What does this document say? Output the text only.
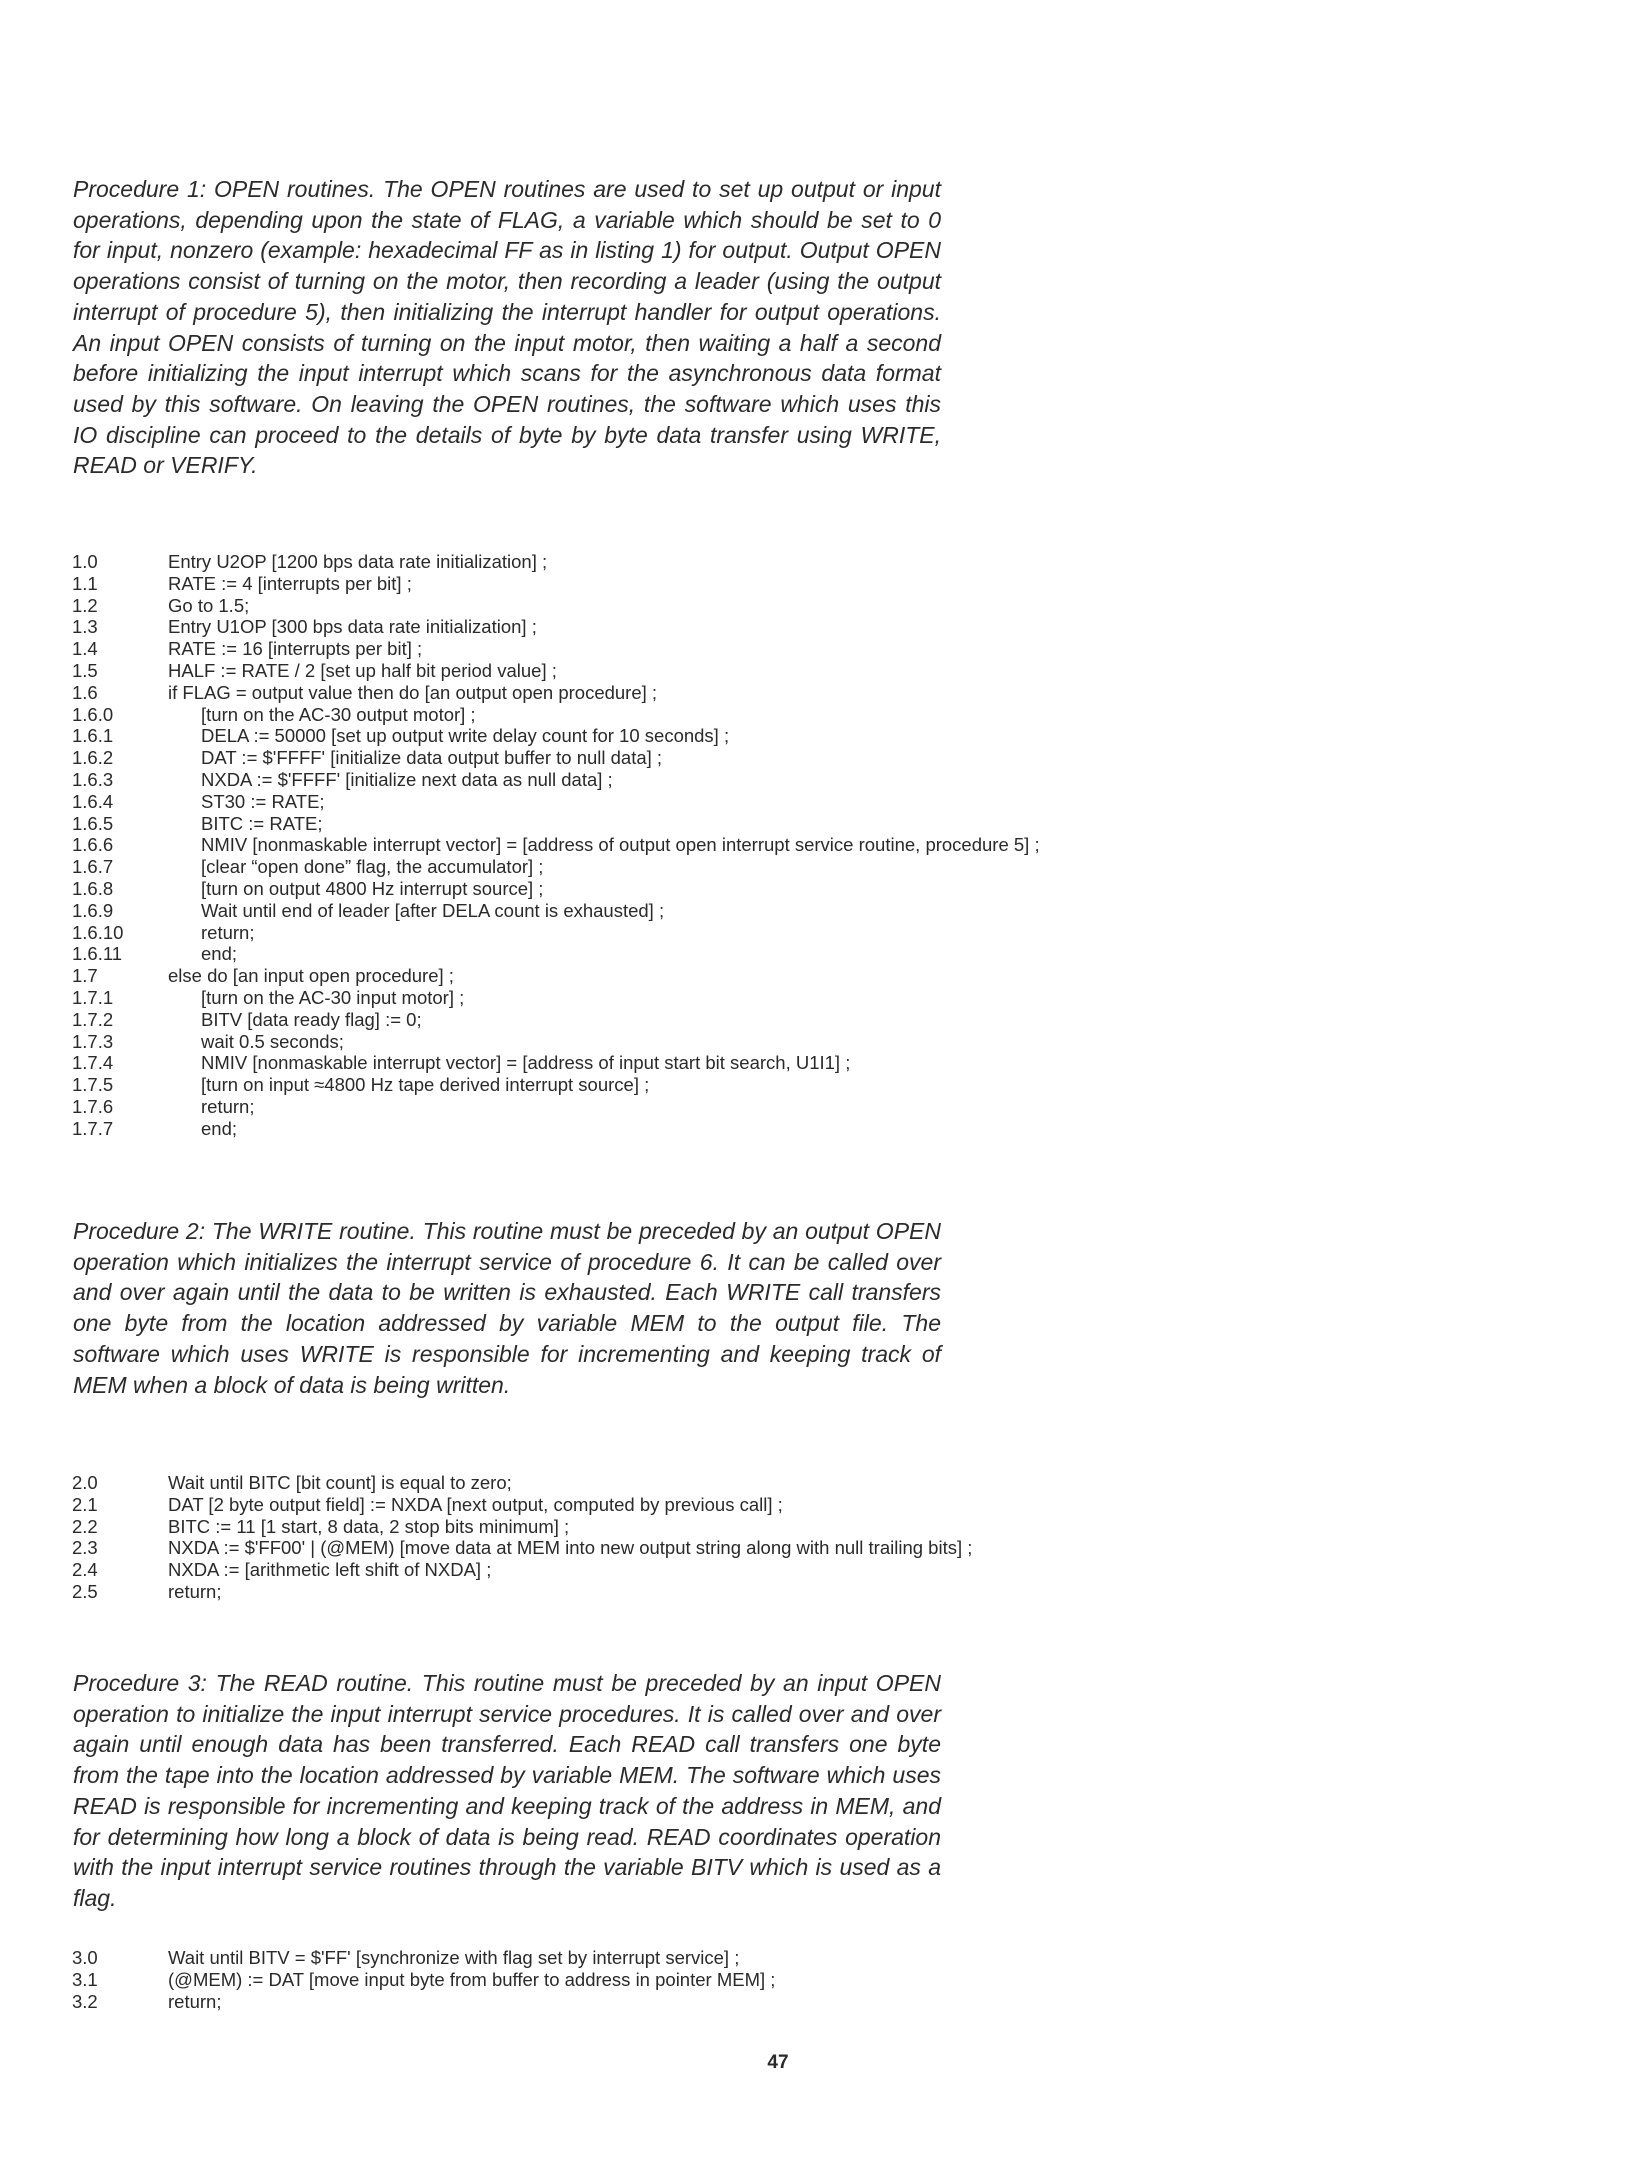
Procedure 1: OPEN routines. The OPEN routines are used to set up output or input operations, depending upon the state of FLAG, a variable which should be set to 0 for input, nonzero (example: hexadecimal FF as in listing 1) for output. Output OPEN operations consist of turning on the motor, then recording a leader (using the output interrupt of procedure 5), then initializing the interrupt handler for output operations. An input OPEN consists of turning on the input motor, then waiting a half a second before initializing the input interrupt which scans for the asynchronous data format used by this software. On leaving the OPEN routines, the software which uses this IO discipline can proceed to the details of byte by byte data transfer using WRITE, READ or VERIFY.
1.0	Entry U2OP [1200 bps data rate initialization] ;
1.1	RATE := 4 [interrupts per bit] ;
1.2	Go to 1.5;
1.3	Entry U1OP [300 bps data rate initialization] ;
1.4	RATE := 16 [interrupts per bit] ;
1.5	HALF := RATE / 2 [set up half bit period value] ;
1.6	if FLAG = output value then do [an output open procedure] ;
1.6.0	[turn on the AC-30 output motor] ;
1.6.1	DELA := 50000 [set up output write delay count for 10 seconds] ;
1.6.2	DAT := $'FFFF' [initialize data output buffer to null data] ;
1.6.3	NXDA := $'FFFF' [initialize next data as null data] ;
1.6.4	ST30 := RATE;
1.6.5	BITC := RATE;
1.6.6	NMIV [nonmaskable interrupt vector] = [address of output open interrupt service routine, procedure 5] ;
1.6.7	[clear “open done” flag, the accumulator] ;
1.6.8	[turn on output 4800 Hz interrupt source] ;
1.6.9	Wait until end of leader [after DELA count is exhausted] ;
1.6.10	return;
1.6.11	end;
1.7	else do [an input open procedure] ;
1.7.1	[turn on the AC-30 input motor] ;
1.7.2	BITV [data ready flag] := 0;
1.7.3	wait 0.5 seconds;
1.7.4	NMIV [nonmaskable interrupt vector] = [address of input start bit search, U1I1] ;
1.7.5	[turn on input ≈4800 Hz tape derived interrupt source] ;
1.7.6	return;
1.7.7	end;
Procedure 2: The WRITE routine. This routine must be preceded by an output OPEN operation which initializes the interrupt service of procedure 6. It can be called over and over again until the data to be written is exhausted. Each WRITE call transfers one byte from the location addressed by variable MEM to the output file. The software which uses WRITE is responsible for incrementing and keeping track of MEM when a block of data is being written.
2.0	Wait until BITC [bit count] is equal to zero;
2.1	DAT [2 byte output field] := NXDA [next output, computed by previous call] ;
2.2	BITC := 11 [1 start, 8 data, 2 stop bits minimum] ;
2.3	NXDA := $'FF00' | (@MEM) [move data at MEM into new output string along with null trailing bits] ;
2.4	NXDA := [arithmetic left shift of NXDA] ;
2.5	return;
Procedure 3: The READ routine. This routine must be preceded by an input OPEN operation to initialize the input interrupt service procedures. It is called over and over again until enough data has been transferred. Each READ call transfers one byte from the tape into the location addressed by variable MEM. The software which uses READ is responsible for incrementing and keeping track of the address in MEM, and for determining how long a block of data is being read. READ coordinates operation with the input interrupt service routines through the variable BITV which is used as a flag.
3.0	Wait until BITV = $'FF' [synchronize with flag set by interrupt service] ;
3.1	(@MEM) := DAT [move input byte from buffer to address in pointer MEM] ;
3.2	return;
47
